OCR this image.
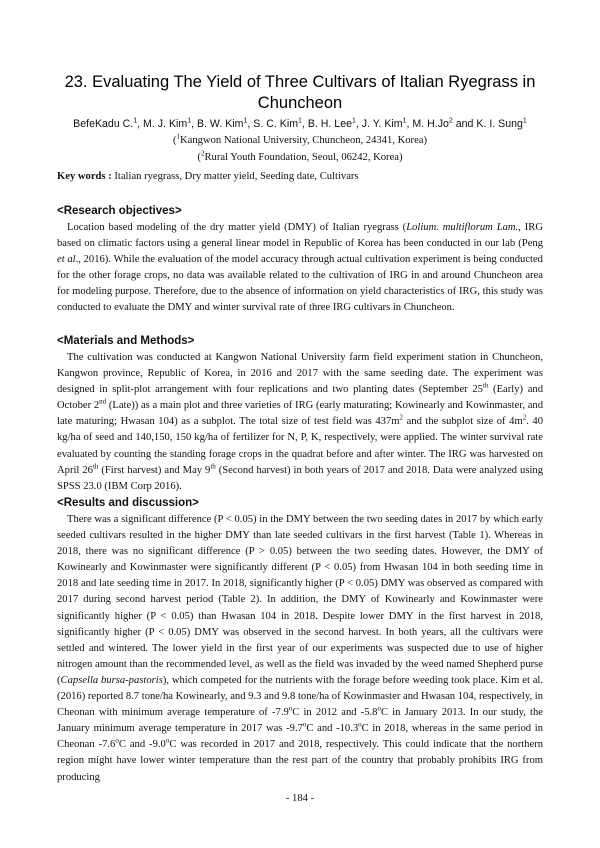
23. Evaluating The Yield of Three Cultivars of Italian Ryegrass in Chuncheon
BefeKadu C.$^1$, M. J. Kim$^1$, B. W. Kim$^1$, S. C. Kim$^1$, B. H. Lee$^1$, J. Y. Kim$^1$, M. H.Jo$^2$ and K. I. Sung$^1$
($^1$Kangwon National University, Chuncheon, 24341, Korea)
($^2$Rural Youth Foundation, Seoul, 06242, Korea)
Key words : Italian ryegrass, Dry matter yield, Seeding date, Cultivars
<Research objectives>

Location based modeling of the dry matter yield (DMY) of Italian ryegrass (Lolium. multiflorum Lam., IRG based on climatic factors using a general linear model in Republic of Korea has been conducted in our lab (Peng et al., 2016). While the evaluation of the model accuracy through actual cultivation experiment is being conducted for the other forage crops, no data was available related to the cultivation of IRG in and around Chuncheon area for modeling purpose. Therefore, due to the absence of information on yield characteristics of IRG, this study was conducted to evaluate the DMY and winter survival rate of three IRG cultivars in Chuncheon.

<Materials and Methods>

The cultivation was conducted at Kangwon National University farm field experiment station in Chuncheon, Kangwon province, Republic of Korea, in 2016 and 2017 with the same seeding date. The experiment was designed in split-plot arrangement with four replications and two planting dates (September 25th (Early) and October 2nd (Late)) as a main plot and three varieties of IRG (early maturating; Kowinearly and Kowinmaster, and late maturing; Hwasan 104) as a subplot. The total size of test field was $437m^2$ and the subplot size of $4m^2$. 40 kg/ha of seed and 140,150, 150 kg/ha of fertilizer for N, P, K, respectively, were applied. The winter survival rate evaluated by counting the standing forage crops in the quadrat before and after winter. The IRG was harvested on April 26th (First harvest) and May 9th (Second harvest) in both years of 2017 and 2018. Data were analyzed using SPSS 23.0 (IBM Corp 2016).

<Results and discussion>

There was a significant difference (P < 0.05) in the DMY between the two seeding dates in 2017 by which early seeded cultivars resulted in the higher DMY than late seeded cultivars in the first harvest (Table 1). Whereas in 2018, there was no significant difference (P > 0.05) between the two seeding dates. However, the DMY of Kowinearly and Kowinmaster were significantly different (P < 0.05) from Hwasan 104 in both seeding time in 2018 and late seeding time in 2017. In 2018, significantly higher (P < 0.05) DMY was observed as compared with 2017 during second harvest period (Table 2). In addition, the DMY of Kowinearly and Kowinmaster were significantly higher (P < 0.05) than Hwasan 104 in 2018. Despite lower DMY in the first harvest in 2018, significantly higher (P < 0.05) DMY was observed in the second harvest. In both years, all the cultivars were settled and wintered. The lower yield in the first year of our experiments was suspected due to use of higher nitrogen amount than the recommended level, as well as the field was invaded by the weed named Shepherd purse (Capsella bursa-pastoris), which competed for the nutrients with the forage before weeding took place. Kim et al. (2016) reported 8.7 tone/ha Kowinearly, and 9.3 and 9.8 tone/ha of Kowinmaster and Hwasan 104, respectively, in Cheonan with minimum average temperature of -7.9$^o$C in 2012 and -5.8$^o$C in January 2013. In our study, the January minimum average temperature in 2017 was -9.7$^o$C and -10.3$^o$C in 2018, whereas in the same period in Cheonan -7.6$^o$C and -9.0$^o$C was recorded in 2017 and 2018, respectively. This could indicate that the northern region might have lower winter temperature than the rest part of the country that probably prohibits IRG from producing

- 184 -
